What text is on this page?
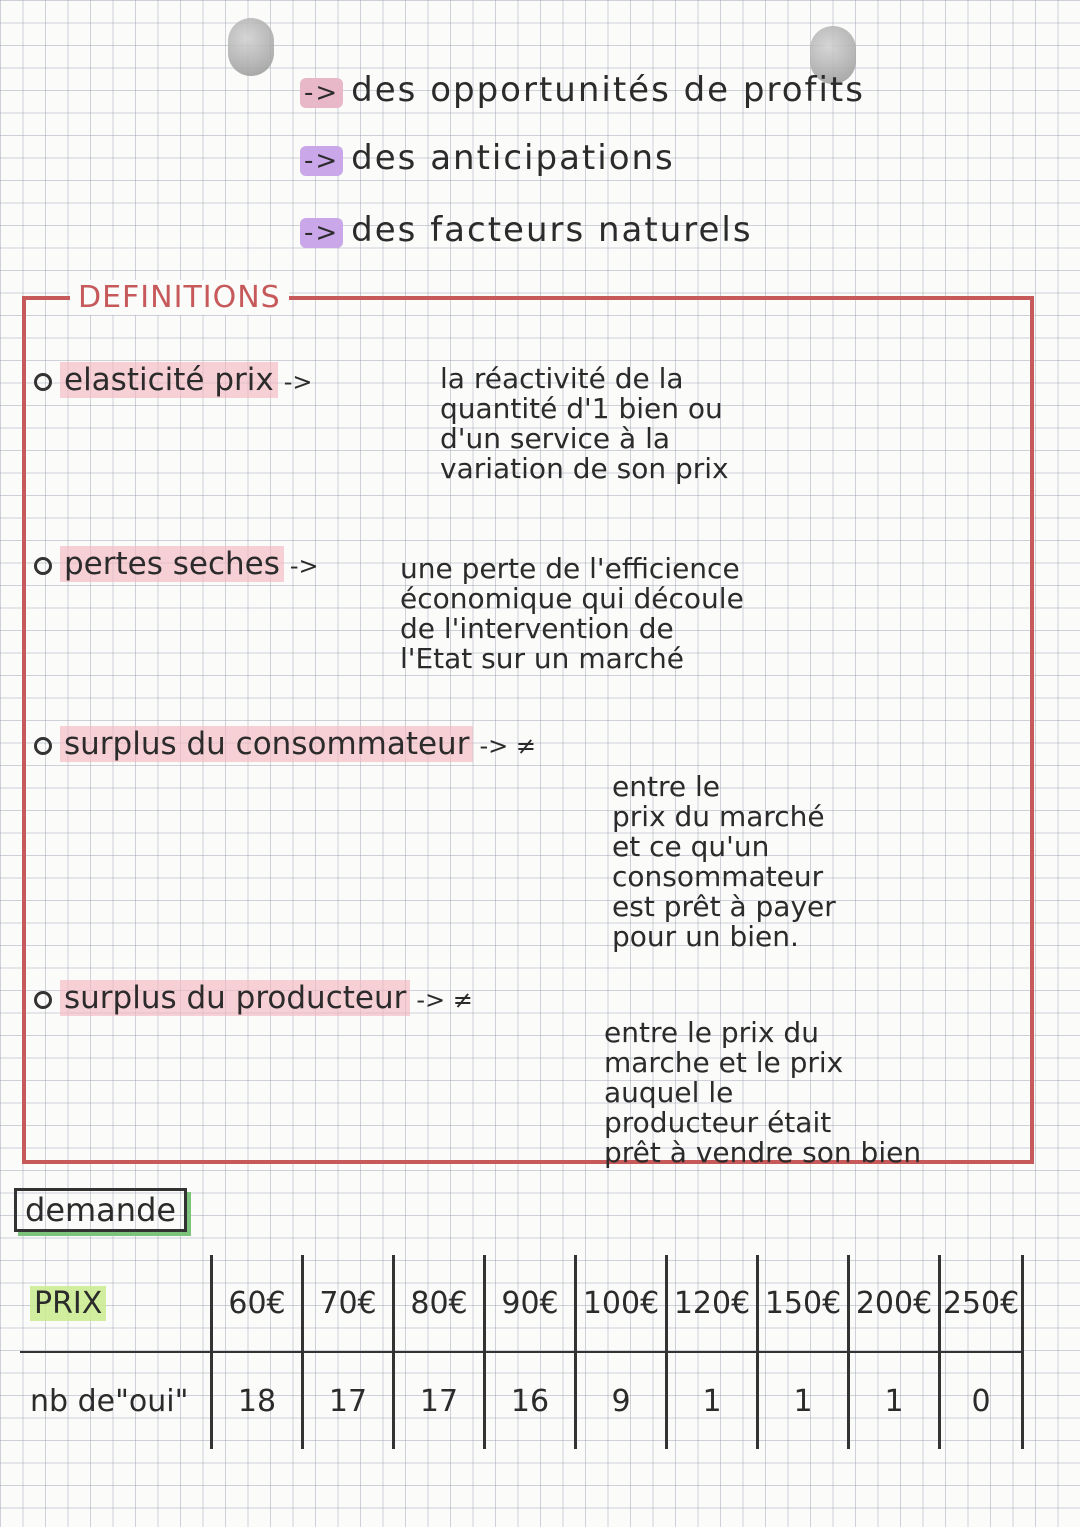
-> des opportunités de profits
-> des anticipations
-> des facteurs naturels
DEFINITIONS
elasticité prix ->	la réactivité de la
quantité d'1 bien ou
d'un service à la
variation de son prix
pertes seches ->	une perte de l'efficience
économique qui découle
de l'intervention de
l'Etat sur un marché
surplus du consommateur -> ≠
entre le
prix du marché
et ce qu'un
consommateur
est prêt à payer
pour un bien.
surplus du producteur -> ≠
entre le prix du
marche et le prix
auquel le
producteur était
prêt à vendre son bien
demande
PRIX	60€	70€	80€	90€	100€	120€	150€	200€	250€
nb de"oui"	18	17	17	16	9	1	1	1	0
